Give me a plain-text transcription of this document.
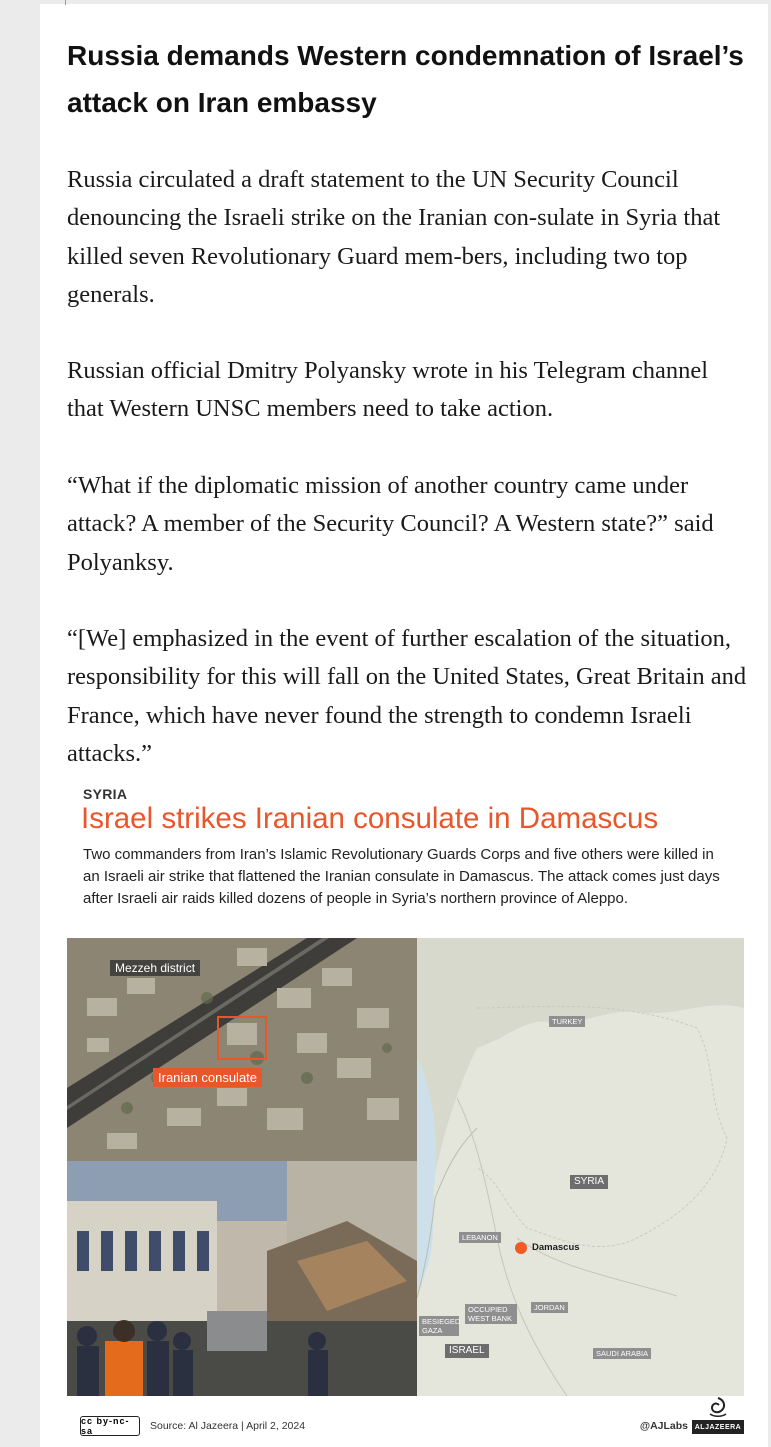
Russia demands Western condemnation of Israel’s attack on Iran embassy

Russia circulated a draft statement to the UN Security Council denouncing the Israeli strike on the Iranian con-sulate in Syria that killed seven Revolutionary Guard mem-bers, including two top generals.

Russian official Dmitry Polyansky wrote in his Telegram channel that Western UNSC members need to take action.

“What if the diplomatic mission of another country came under attack? A member of the Security Council? A Western state?” said Polyanksy.

“[We] emphasized in the event of further escalation of the situation, responsibility for this will fall on the United States, Great Britain and France, which have never found the strength to condemn Israeli attacks.”

SYRIA
Israel strikes Iranian consulate in Damascus
Two commanders from Iran’s Islamic Revolutionary Guards Corps and five others were killed in an Israeli air strike that flattened the Iranian consulate in Damascus. The attack comes just days after Israeli air raids killed dozens of people in Syria’s northern province of Aleppo.
Mezzeh district
Iranian consulate
TURKEY
SYRIA
LEBANON
Damascus
OCCUPIED WEST BANK
JORDAN
BESIEGED GAZA
ISRAEL	SAUDI ARABIA
cc by-nc-sa	Source: Al Jazeera | April 2, 2024	@AJLabs ALJAZEERA
